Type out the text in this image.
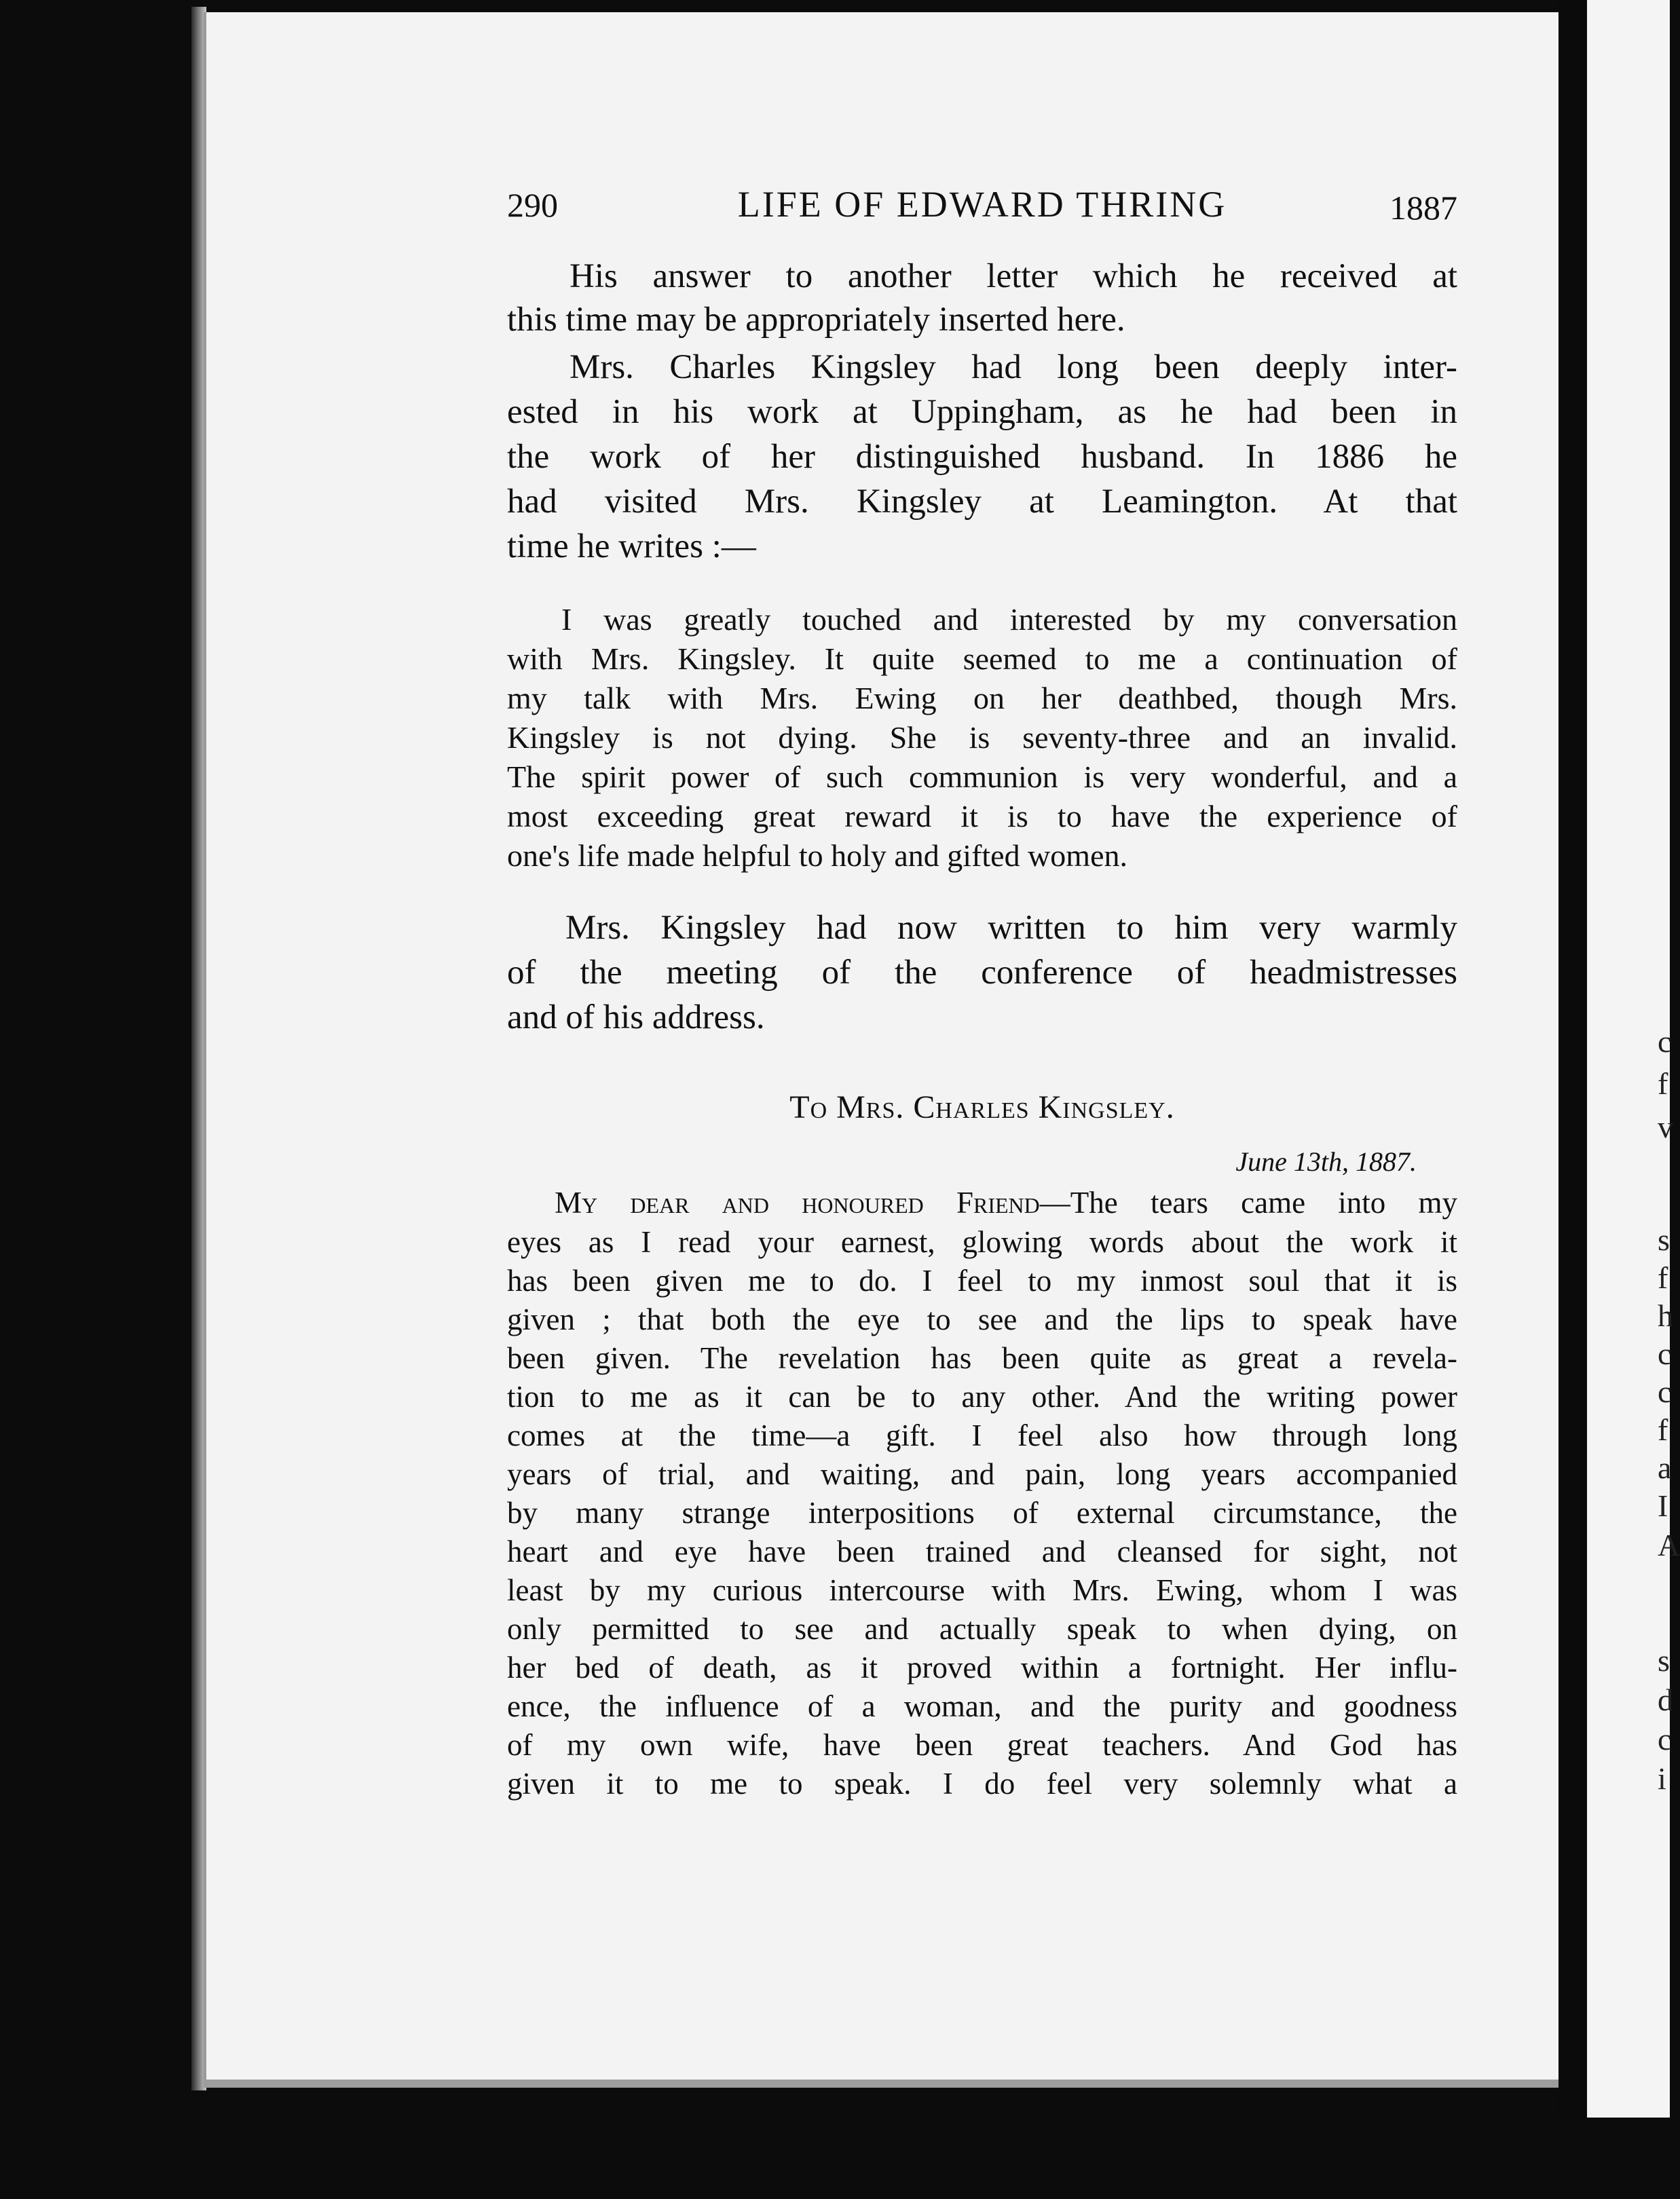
290	LIFE OF EDWARD THRING	1887
His answer to another letter which he received at
this time may be appropriately inserted here.
Mrs. Charles Kingsley had long been deeply inter-
ested in his work at Uppingham, as he had been in
the work of her distinguished husband. In 1886 he
had visited Mrs. Kingsley at Leamington. At that
time he writes :—
I was greatly touched and interested by my conversation
with Mrs. Kingsley. It quite seemed to me a continuation of
my talk with Mrs. Ewing on her deathbed, though Mrs.
Kingsley is not dying. She is seventy-three and an invalid.
The spirit power of such communion is very wonderful, and a
most exceeding great reward it is to have the experience of
one's life made helpful to holy and gifted women.
Mrs. Kingsley had now written to him very warmly
of the meeting of the conference of headmistresses
and of his address.
To Mrs. Charles Kingsley.
June 13th, 1887.
My dear and honoured Friend—The tears came into my
eyes as I read your earnest, glowing words about the work it
has been given me to do. I feel to my inmost soul that it is
given ; that both the eye to see and the lips to speak have
been given. The revelation has been quite as great a revela-
tion to me as it can be to any other. And the writing power
comes at the time—a gift. I feel also how through long
years of trial, and waiting, and pain, long years accompanied
by many strange interpositions of external circumstance, the
heart and eye have been trained and cleansed for sight, not
least by my curious intercourse with Mrs. Ewing, whom I was
only permitted to see and actually speak to when dying, on
her bed of death, as it proved within a fortnight. Her influ-
ence, the influence of a woman, and the purity and goodness
of my own wife, have been great teachers. And God has
given it to me to speak. I do feel very solemnly what a
c
f
v
s
f
h
c
c
f
a
I
A
s
d
c
i
